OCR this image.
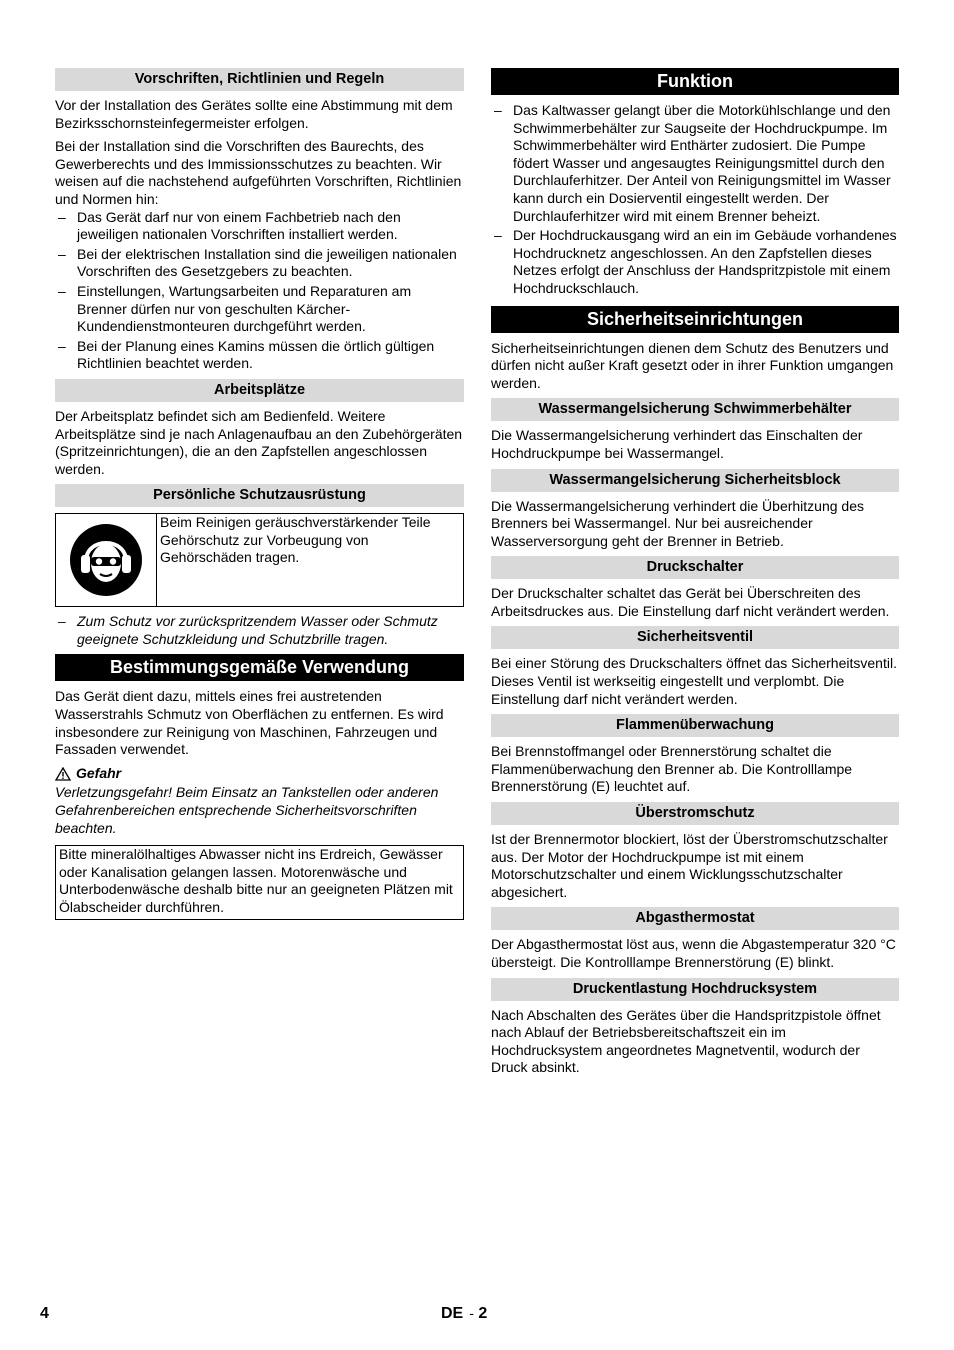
Vorschriften, Richtlinien und Regeln

Vor der Installation des Gerätes sollte eine Abstimmung mit dem Bezirksschornsteinfegermeister erfolgen.

Bei der Installation sind die Vorschriften des Baurechts, des Gewerberechts und des Immissionsschutzes zu beachten. Wir weisen auf die nachstehend aufgeführten Vorschriften, Richtlinien und Normen hin:

– Das Gerät darf nur von einem Fachbetrieb nach den jeweiligen nationalen Vorschriften installiert werden.
– Bei der elektrischen Installation sind die jeweiligen nationalen Vorschriften des Gesetzgebers zu beachten.
– Einstellungen, Wartungsarbeiten und Reparaturen am Brenner dürfen nur von geschulten Kärcher-Kundendienstmonteuren durchgeführt werden.
– Bei der Planung eines Kamins müssen die örtlich gültigen Richtlinien beachtet werden.
Arbeitsplätze

Der Arbeitsplatz befindet sich am Bedienfeld. Weitere Arbeitsplätze sind je nach Anlagenaufbau an den Zubehörgeräten (Spritzeinrichtungen), die an den Zapfstellen angeschlossen werden.

Persönliche Schutzausrüstung
Beim Reinigen geräuschverstärkender Teile Gehörschutz zur Vorbeugung von Gehörschäden tragen.
– Zum Schutz vor zurückspritzendem Wasser oder Schmutz geeignete Schutzkleidung und Schutzbrille tragen.
Bestimmungsgemäße Verwendung

Das Gerät dient dazu, mittels eines frei austretenden Wasserstrahls Schmutz von Oberflächen zu entfernen. Es wird insbesondere zur Reinigung von Maschinen, Fahrzeugen und Fassaden verwendet.

Gefahr

Verletzungsgefahr! Beim Einsatz an Tankstellen oder anderen Gefahrenbereichen entsprechende Sicherheitsvorschriften beachten.

Bitte mineralölhaltiges Abwasser nicht ins Erdreich, Gewässer oder Kanalisation gelangen lassen. Motorenwäsche und Unterbodenwäsche deshalb bitte nur an geeigneten Plätzen mit Ölabscheider durchführen.
Funktion
– Das Kaltwasser gelangt über die Motorkühlschlange und den Schwimmerbehälter zur Saugseite der Hochdruckpumpe. Im Schwimmerbehälter wird Enthärter zudosiert. Die Pumpe födert Wasser und angesaugtes Reinigungsmittel durch den Durchlauferhitzer. Der Anteil von Reinigungsmittel im Wasser kann durch ein Dosierventil eingestellt werden. Der Durchlauferhitzer wird mit einem Brenner beheizt.
– Der Hochdruckausgang wird an ein im Gebäude vorhandenes Hochdrucknetz angeschlossen. An den Zapfstellen dieses Netzes erfolgt der Anschluss der Handspritzpistole mit einem Hochdruckschlauch.
Sicherheitseinrichtungen

Sicherheitseinrichtungen dienen dem Schutz des Benutzers und dürfen nicht außer Kraft gesetzt oder in ihrer Funktion umgangen werden.

Wassermangelsicherung Schwimmerbehälter

Die Wassermangelsicherung verhindert das Einschalten der Hochdruckpumpe bei Wassermangel.

Wassermangelsicherung Sicherheitsblock

Die Wassermangelsicherung verhindert die Überhitzung des Brenners bei Wassermangel. Nur bei ausreichender Wasserversorgung geht der Brenner in Betrieb.

Druckschalter

Der Druckschalter schaltet das Gerät bei Überschreiten des Arbeitsdruckes aus. Die Einstellung darf nicht verändert werden.

Sicherheitsventil

Bei einer Störung des Druckschalters öffnet das Sicherheitsventil. Dieses Ventil ist werkseitig eingestellt und verplombt. Die Einstellung darf nicht verändert werden.

Flammenüberwachung

Bei Brennstoffmangel oder Brennerstörung schaltet die Flammenüberwachung den Brenner ab. Die Kontrolllampe Brennerstörung (E) leuchtet auf.

Überstromschutz

Ist der Brennermotor blockiert, löst der Überstromschutzschalter aus. Der Motor der Hochdruckpumpe ist mit einem Motorschutzschalter und einem Wicklungsschutzschalter abgesichert.

Abgasthermostat

Der Abgasthermostat löst aus, wenn die Abgastemperatur 320 °C übersteigt. Die Kontrolllampe Brennerstörung (E) blinkt.

Druckentlastung Hochdrucksystem

Nach Abschalten des Gerätes über die Handspritzpistole öffnet nach Ablauf der Betriebsbereitschaftszeit ein im Hochdrucksystem angeordnetes Magnetventil, wodurch der Druck absinkt.

4	DE - 2
